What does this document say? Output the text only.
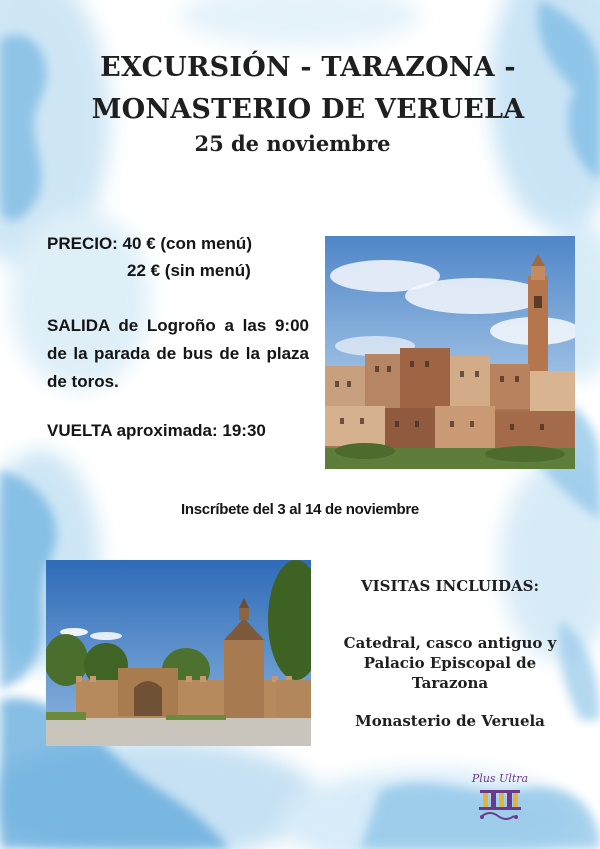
EXCURSIÓN - TARAZONA -
MONASTERIO DE VERUELA
25 de noviembre
PRECIO: 40 € (con menú)
22 € (sin menú)
SALIDA de Logroño a las 9:00 de la parada de bus de la plaza de toros.
VUELTA aproximada: 19:30
Inscríbete del 3 al 14 de noviembre
VISITAS INCLUIDAS:
Catedral, casco antiguo y Palacio Episcopal de Tarazona
Monasterio de Veruela
Plus Ultra
